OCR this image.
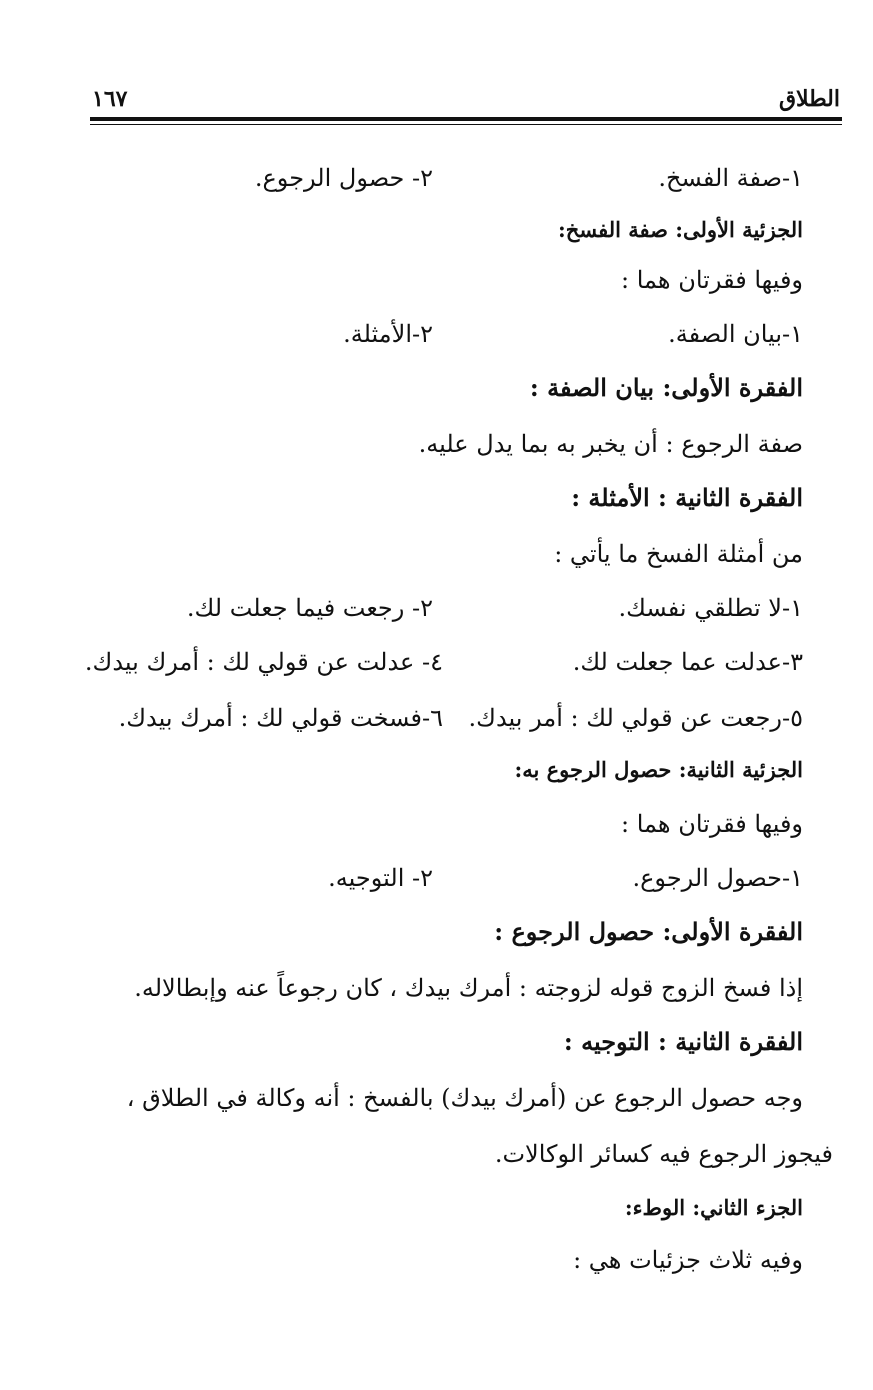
الطلاق
١٦٧
١-صفة الفسخ.
٢- حصول الرجوع.
الجزئية الأولى: صفة الفسخ:
وفيها فقرتان هما :
١-بيان الصفة.
٢-الأمثلة.
الفقرة الأولى: بيان الصفة :
صفة الرجوع : أن يخبر به بما يدل عليه.
الفقرة الثانية : الأمثلة :
من أمثلة الفسخ ما يأتي :
١-لا تطلقي نفسك.
٢- رجعت فيما جعلت لك.
٣-عدلت عما جعلت لك.
٤- عدلت عن قولي لك : أمرك بيدك.
٥-رجعت عن قولي لك : أمر بيدك.
٦-فسخت قولي لك : أمرك بيدك.
الجزئية الثانية: حصول الرجوع به:
وفيها فقرتان هما :
١-حصول الرجوع.
٢- التوجيه.
الفقرة الأولى: حصول الرجوع :
إذا فسخ الزوج قوله لزوجته : أمرك بيدك ، كان رجوعاً عنه وإبطالاله.
الفقرة الثانية : التوجيه :
وجه حصول الرجوع عن (أمرك بيدك) بالفسخ : أنه وكالة في الطلاق ،
فيجوز الرجوع فيه كسائر الوكالات.
الجزء الثاني: الوطء:
وفيه ثلاث جزئيات هي :
